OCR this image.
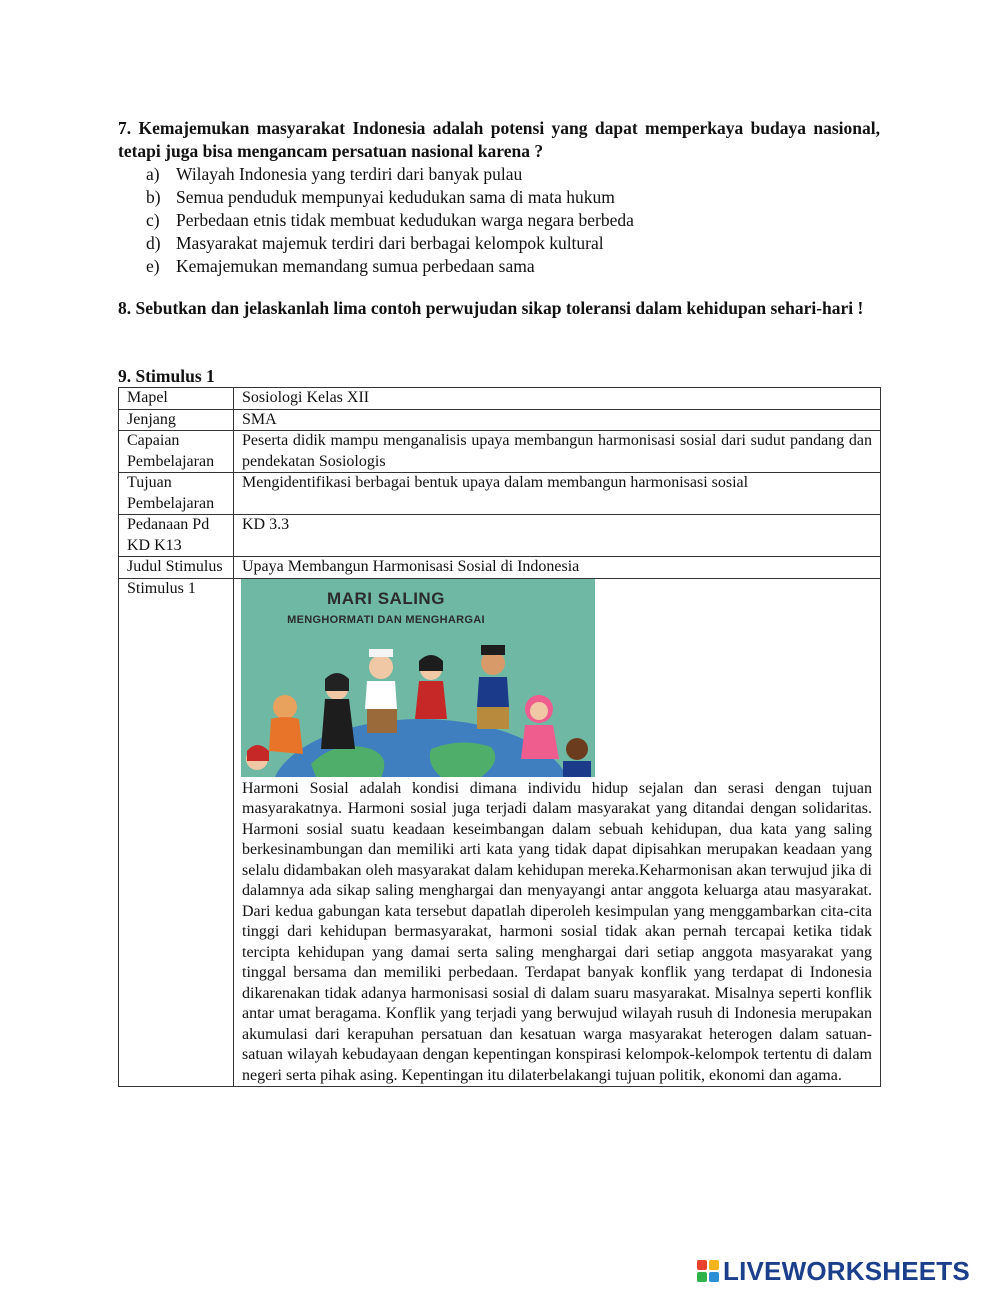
7. Kemajemukan masyarakat Indonesia adalah potensi yang dapat memperkaya budaya nasional, tetapi juga bisa mengancam persatuan nasional karena ?

a) Wilayah Indonesia yang terdiri dari banyak pulau
b) Semua penduduk mempunyai kedudukan sama di mata hukum
c) Perbedaan etnis tidak membuat kedudukan warga negara berbeda
d) Masyarakat majemuk terdiri dari berbagai kelompok kultural
e) Kemajemukan memandang sumua perbedaan sama
8. Sebutkan dan jelaskanlah lima contoh perwujudan sikap toleransi dalam kehidupan sehari-hari !
9. Stimulus 1
Mapel	Sosiologi Kelas XII
Jenjang	SMA
Capaian Pembelajaran	Peserta didik mampu menganalisis upaya membangun harmonisasi sosial dari sudut pandang dan pendekatan Sosiologis
Tujuan Pembelajaran	Mengidentifikasi berbagai bentuk upaya dalam membangun harmonisasi sosial
Pedanaan Pd KD K13	KD 3.3
Judul Stimulus	Upaya Membangun Harmonisasi Sosial di Indonesia
Stimulus 1	MARI SALING
MENGHORMATI DAN MENGHARGAI
Harmoni Sosial adalah kondisi dimana individu hidup sejalan dan serasi dengan tujuan masyarakatnya. Harmoni sosial juga terjadi dalam masyarakat yang ditandai dengan solidaritas. Harmoni sosial suatu keadaan keseimbangan dalam sebuah kehidupan, dua kata yang saling berkesinambungan dan memiliki arti kata yang tidak dapat dipisahkan merupakan keadaan yang selalu didambakan oleh masyarakat dalam kehidupan mereka.Keharmonisan akan terwujud jika di dalamnya ada sikap saling menghargai dan menyayangi antar anggota keluarga atau masyarakat. Dari kedua gabungan kata tersebut dapatlah diperoleh kesimpulan yang menggambarkan cita-cita tinggi dari kehidupan bermasyarakat, harmoni sosial tidak akan pernah tercapai ketika tidak tercipta kehidupan yang damai serta saling menghargai dari setiap anggota masyarakat yang tinggal bersama dan memiliki perbedaan. Terdapat banyak konflik yang terdapat di Indonesia dikarenakan tidak adanya harmonisasi sosial di dalam suaru masyarakat. Misalnya seperti konflik antar umat beragama. Konflik yang terjadi yang berwujud wilayah rusuh di Indonesia merupakan akumulasi dari kerapuhan persatuan dan kesatuan warga masyarakat heterogen dalam satuan-satuan wilayah kebudayaan dengan kepentingan konspirasi kelompok-kelompok tertentu di dalam negeri serta pihak asing. Kepentingan itu dilaterbelakangi tujuan politik, ekonomi dan agama.
LIVEWORKSHEETS
